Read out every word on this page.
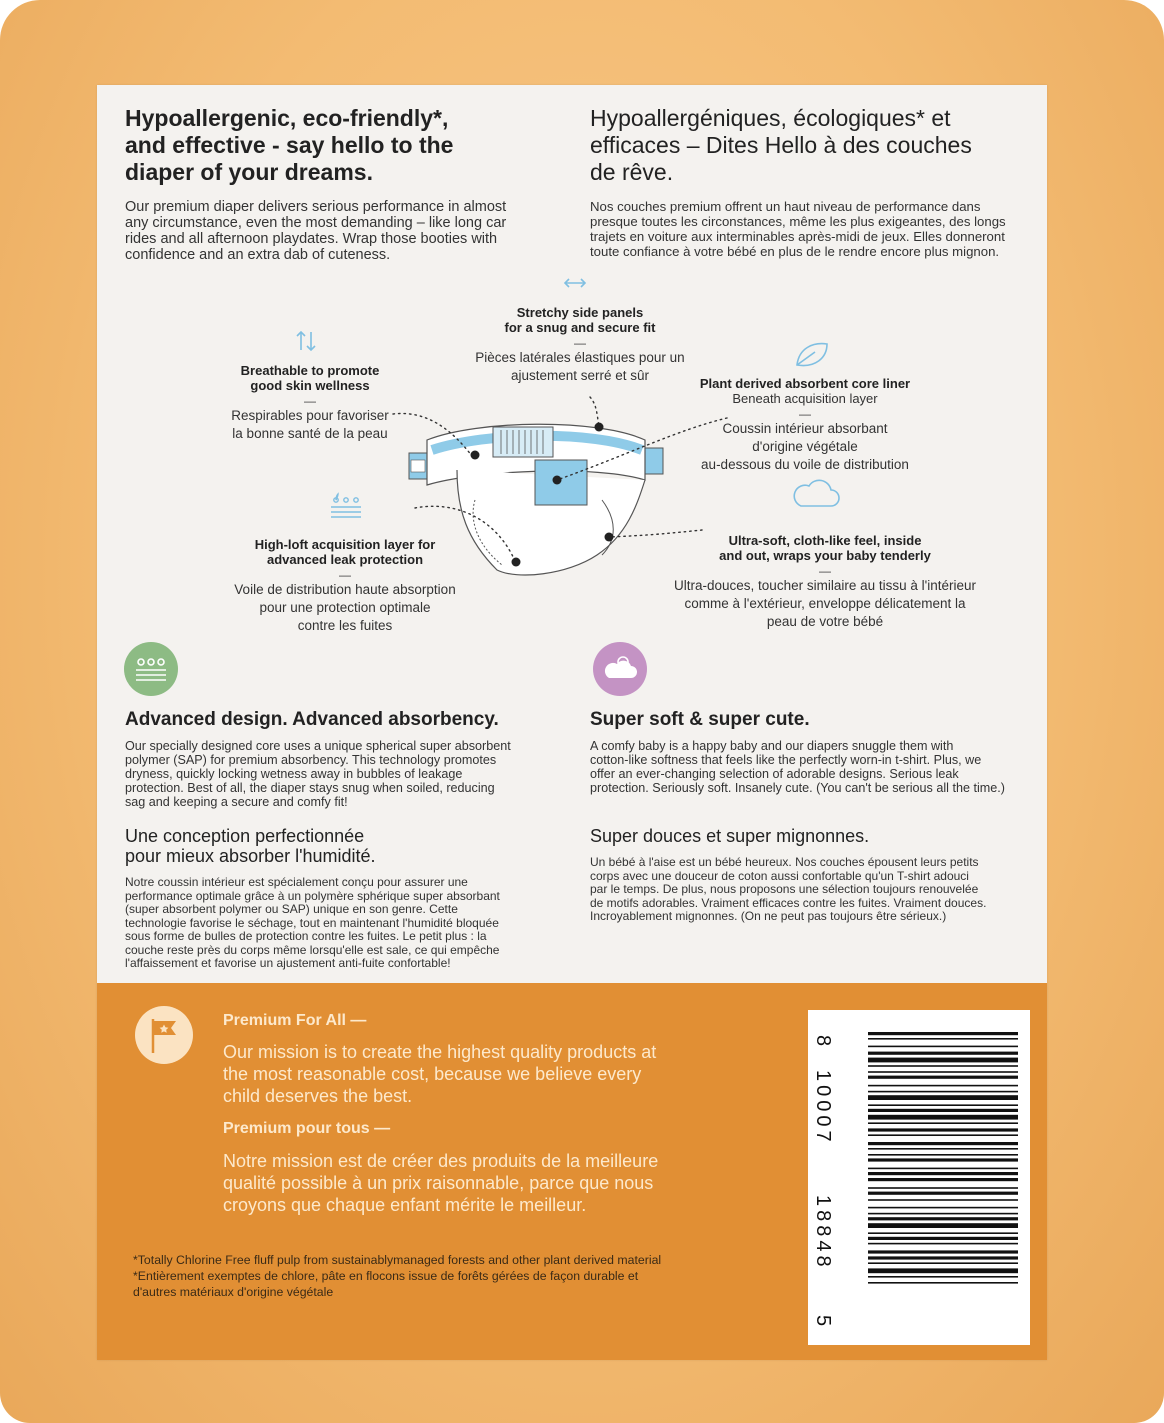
Hypoallergenic, eco-friendly*,
and effective - say hello to the
diaper of your dreams.
Our premium diaper delivers serious performance in almost
any circumstance, even the most demanding – like long car
rides and all afternoon playdates. Wrap those booties with
confidence and an extra dab of cuteness.
Hypoallergéniques, écologiques* et
efficaces – Dites Hello à des couches
de rêve.
Nos couches premium offrent un haut niveau de performance dans
presque toutes les circonstances, même les plus exigeantes, des longs
trajets en voiture aux interminables après-midi de jeux. Elles donneront
toute confiance à votre bébé en plus de le rendre encore plus mignon.
Stretchy side panels
for a snug and secure fit
—
Pièces latérales élastiques pour un
ajustement serré et sûr
Breathable to promote
good skin wellness
—
Respirables pour favoriser
la bonne santé de la peau
Plant derived absorbent core liner
Beneath acquisition layer
—
Coussin intérieur absorbant
d'origine végétale
au-dessous du voile de distribution
High-loft acquisition layer for
advanced leak protection
—
Voile de distribution haute absorption
pour une protection optimale
contre les fuites
Ultra-soft, cloth-like feel, inside
and out, wraps your baby tenderly
—
Ultra-douces, toucher similaire au tissu à l'intérieur
comme à l'extérieur, enveloppe délicatement la
peau de votre bébé
Advanced design. Advanced absorbency.
Our specially designed core uses a unique spherical super absorbent
polymer (SAP) for premium absorbency. This technology promotes
dryness, quickly locking wetness away in bubbles of leakage
protection. Best of all, the diaper stays snug when soiled, reducing
sag and keeping a secure and comfy fit!
Une conception perfectionnée
pour mieux absorber l'humidité.
Notre coussin intérieur est spécialement conçu pour assurer une
performance optimale grâce à un polymère sphérique super absorbant
(super absorbent polymer ou SAP) unique en son genre. Cette
technologie favorise le séchage, tout en maintenant l'humidité bloquée
sous forme de bulles de protection contre les fuites. Le petit plus : la
couche reste près du corps même lorsqu'elle est sale, ce qui empêche
l'affaissement et favorise un ajustement anti-fuite confortable!
Super soft & super cute.
A comfy baby is a happy baby and our diapers snuggle them with
cotton-like softness that feels like the perfectly worn-in t-shirt. Plus, we
offer an ever-changing selection of adorable designs. Serious leak
protection. Seriously soft. Insanely cute. (You can't be serious all the time.)
Super douces et super mignonnes.
Un bébé à l'aise est un bébé heureux. Nos couches épousent leurs petits
corps avec une douceur de coton aussi confortable qu'un T-shirt adouci
par le temps. De plus, nous proposons une sélection toujours renouvelée
de motifs adorables. Vraiment efficaces contre les fuites. Vraiment douces.
Incroyablement mignonnes. (On ne peut pas toujours être sérieux.)
Premium For All —
Our mission is to create the highest quality products at
the most reasonable cost, because we believe every
child deserves the best.
Premium pour tous —
Notre mission est de créer des produits de la meilleure
qualité possible à un prix raisonnable, parce que nous
croyons que chaque enfant mérite le meilleur.
*Totally Chlorine Free fluff pulp from sustainablymanaged forests and other plant derived material
*Entièrement exemptes de chlore, pâte en flocons issue de forêts gérées de façon durable et
d'autres matériaux d'origine végétale
8
10007
18848
5
